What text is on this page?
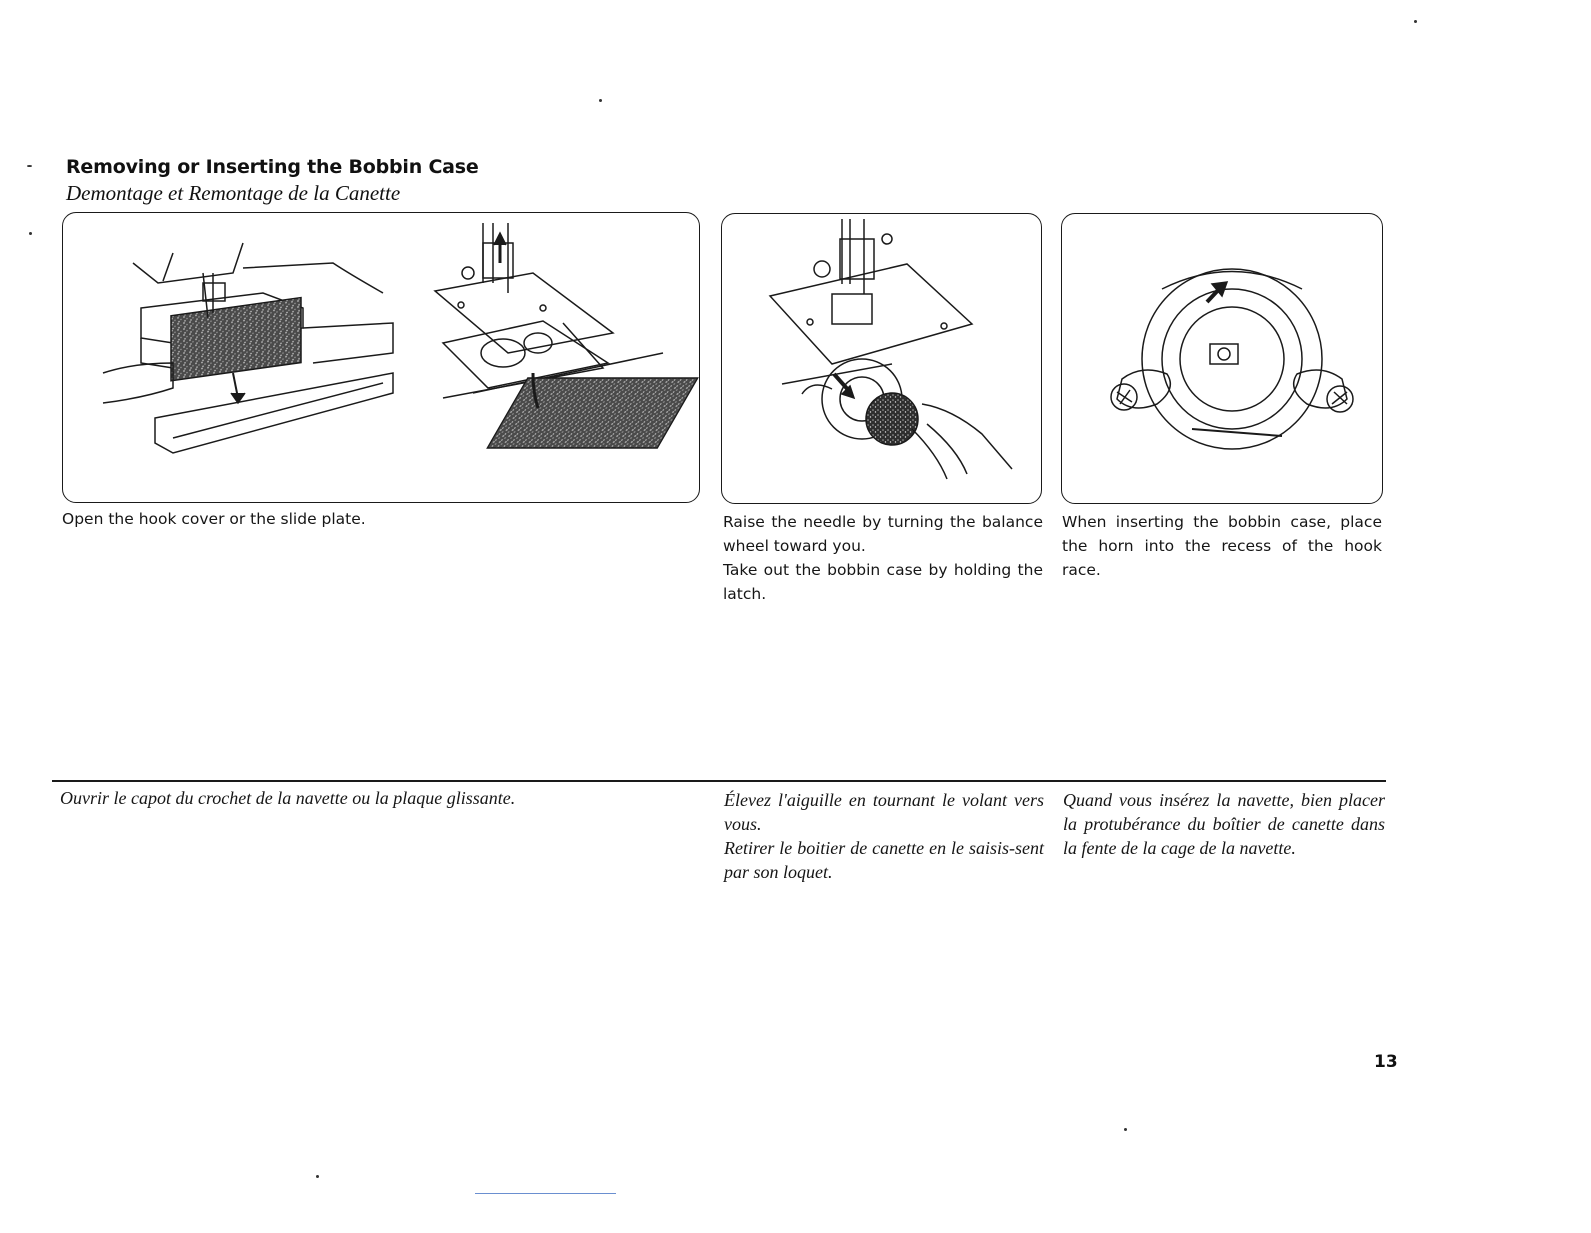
Removing or Inserting the Bobbin Case
Demontage et Remontage de la Canette

Open the hook cover or the slide plate.	Raise the needle by turning the balance wheel toward you.

Take out the bobbin case by holding the latch.

When inserting the bobbin case, place the horn into the recess of the hook race.

Ouvrir le capot du crochet de la navette ou la plaque glissante.	Élevez l'aiguille en tournant le volant vers vous.

Retirer le boitier de canette en le saisis-sent par son loquet.

Quand vous insérez la navette, bien placer la protubérance du boîtier de canette dans la fente de la cage de la navette.

13
